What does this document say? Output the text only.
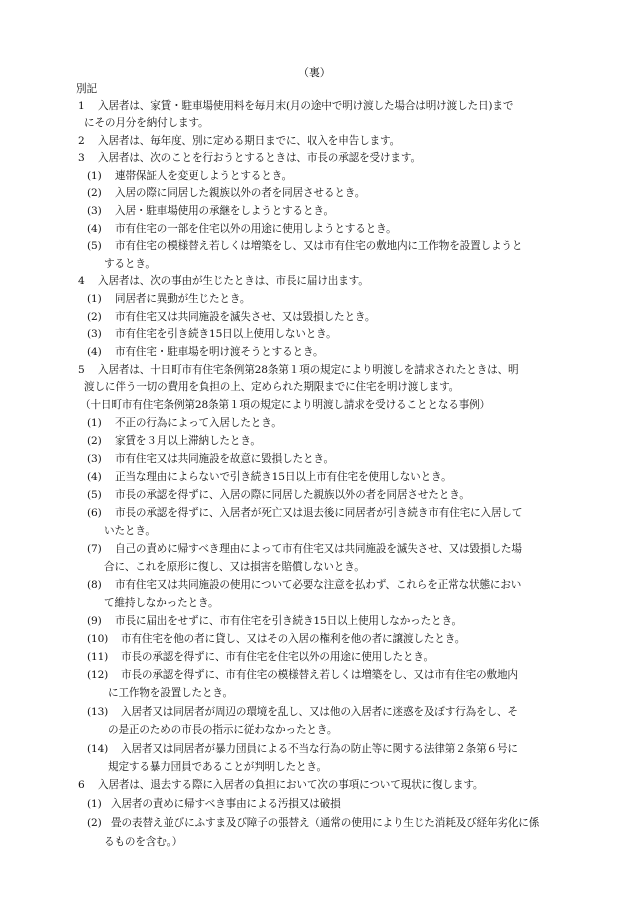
（裏）
別記
1 入居者は、家賃・駐車場使用料を毎月末(月の途中で明け渡した場合は明け渡した日)まで
にその月分を納付します。
2 入居者は、毎年度、別に定める期日までに、収入を申告します。
3 入居者は、次のことを行おうとするときは、市長の承認を受けます。
(1) 連帯保証人を変更しようとするとき。
(2) 入居の際に同居した親族以外の者を同居させるとき。
(3) 入居・駐車場使用の承継をしようとするとき。
(4) 市有住宅の一部を住宅以外の用途に使用しようとするとき。
(5) 市有住宅の模様替え若しくは増築をし、又は市有住宅の敷地内に工作物を設置しようと
するとき。
4 入居者は、次の事由が生じたときは、市長に届け出ます。
(1) 同居者に異動が生じたとき。
(2) 市有住宅又は共同施設を滅失させ、又は毀損したとき。
(3) 市有住宅を引き続き15日以上使用しないとき。
(4) 市有住宅・駐車場を明け渡そうとするとき。
5 入居者は、十日町市有住宅条例第28条第１項の規定により明渡しを請求されたときは、明
渡しに伴う一切の費用を負担の上、定められた期限までに住宅を明け渡します。
（十日町市有住宅条例第28条第１項の規定により明渡し請求を受けることとなる事例）
(1) 不正の行為によって入居したとき。
(2) 家賃を３月以上滞納したとき。
(3) 市有住宅又は共同施設を故意に毀損したとき。
(4) 正当な理由によらないで引き続き15日以上市有住宅を使用しないとき。
(5) 市長の承認を得ずに、入居の際に同居した親族以外の者を同居させたとき。
(6) 市長の承認を得ずに、入居者が死亡又は退去後に同居者が引き続き市有住宅に入居して
いたとき。
(7) 自己の責めに帰すべき理由によって市有住宅又は共同施設を滅失させ、又は毀損した場
合に、これを原形に復し、又は損害を賠償しないとき。
(8) 市有住宅又は共同施設の使用について必要な注意を払わず、これらを正常な状態におい
て維持しなかったとき。
(9) 市長に届出をせずに、市有住宅を引き続き15日以上使用しなかったとき。
(10) 市有住宅を他の者に貸し、又はその入居の権利を他の者に譲渡したとき。
(11) 市長の承認を得ずに、市有住宅を住宅以外の用途に使用したとき。
(12) 市長の承認を得ずに、市有住宅の模様替え若しくは増築をし、又は市有住宅の敷地内
に工作物を設置したとき。
(13) 入居者又は同居者が周辺の環境を乱し、又は他の入居者に迷惑を及ぼす行為をし、そ
の是正のための市長の指示に従わなかったとき。
(14) 入居者又は同居者が暴力団員による不当な行為の防止等に関する法律第２条第６号に
規定する暴力団員であることが判明したとき。
6 入居者は、退去する際に入居者の負担において次の事項について現状に復します。
(1) 入居者の責めに帰すべき事由による汚損又は破損
(2) 畳の表替え並びにふすま及び障子の張替え（通常の使用により生じた消耗及び経年劣化に係
るものを含む。）
